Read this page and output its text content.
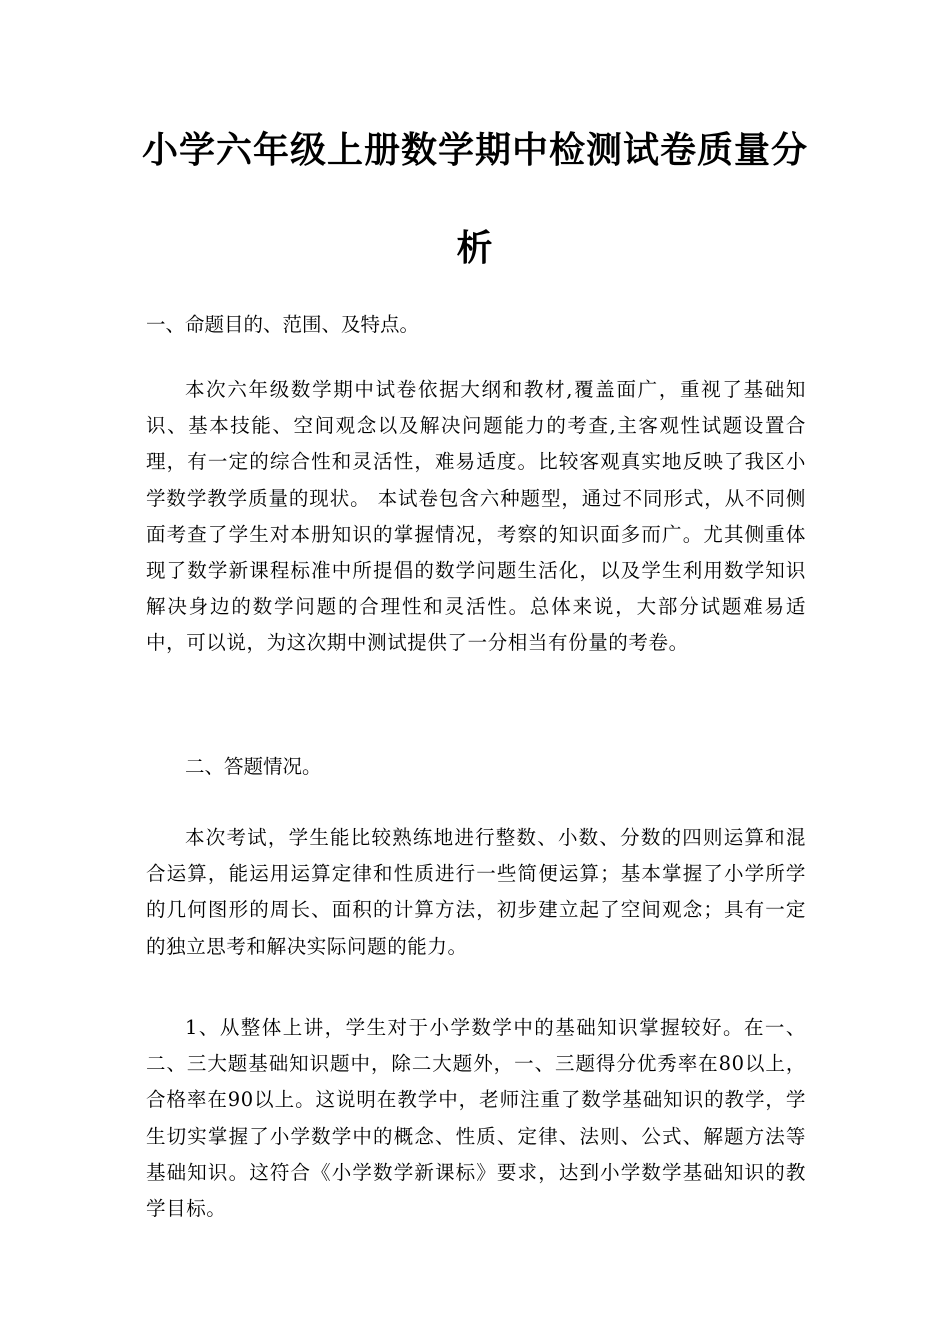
小学六年级上册数学期中检测试卷质量分
析

一、命题目的、范围、及特点。

本次六年级数学期中试卷依据大纲和教材,覆盖面广，重视了基础知识、基本技能、空间观念以及解决问题能力的考查,主客观性试题设置合理，有一定的综合性和灵活性，难易适度。比较客观真实地反映了我区小学数学教学质量的现状。 本试卷包含六种题型，通过不同形式，从不同侧面考查了学生对本册知识的掌握情况，考察的知识面多而广。尤其侧重体现了数学新课程标准中所提倡的数学问题生活化，以及学生利用数学知识解决身边的数学问题的合理性和灵活性。总体来说，大部分试题难易适中，可以说，为这次期中测试提供了一分相当有份量的考卷。

二、答题情况。

本次考试，学生能比较熟练地进行整数、小数、分数的四则运算和混合运算，能运用运算定律和性质进行一些简便运算；基本掌握了小学所学的几何图形的周长、面积的计算方法，初步建立起了空间观念；具有一定的独立思考和解决实际问题的能力。

1、从整体上讲，学生对于小学数学中的基础知识掌握较好。在一、二、三大题基础知识题中，除二大题外，一、三题得分优秀率在80以上，合格率在90以上。这说明在教学中，老师注重了数学基础知识的教学，学生切实掌握了小学数学中的概念、性质、定律、法则、公式、解题方法等基础知识。这符合《小学数学新课标》要求，达到小学数学基础知识的教学目标。
